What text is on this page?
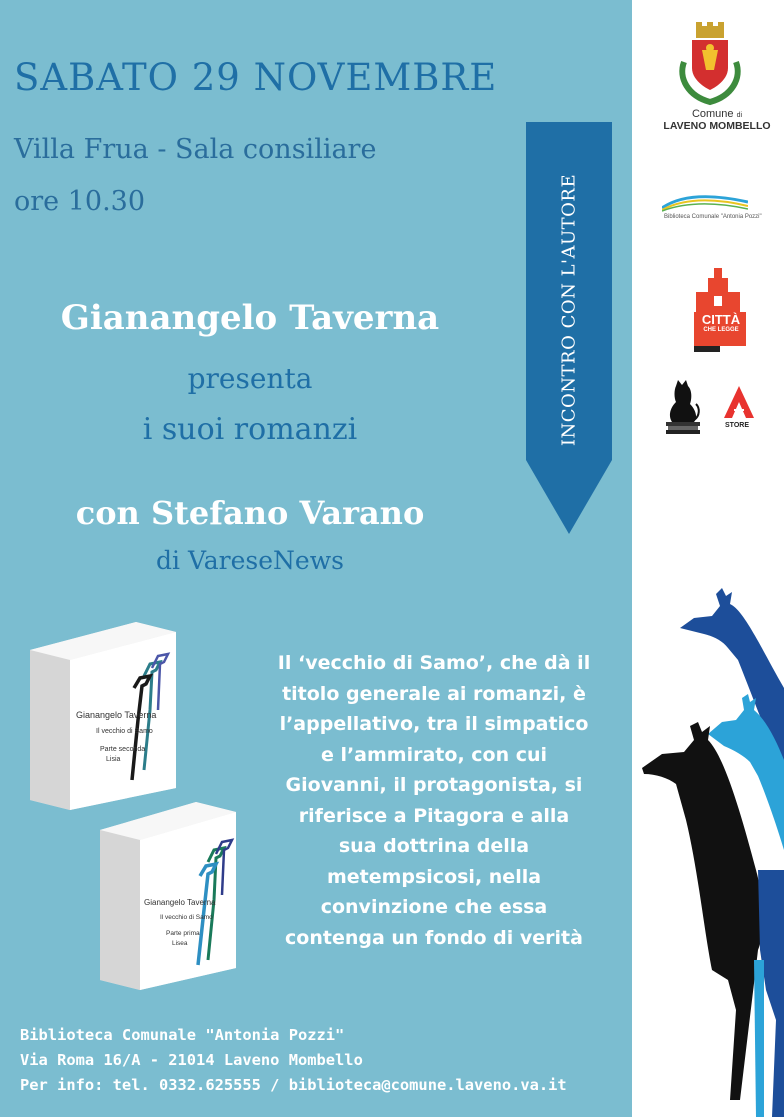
SABATO 29 NOVEMBRE
Villa Frua - Sala consiliare
ore 10.30	INCONTRO CON L'AUTORE
Gianangelo Taverna
presenta
i suoi romanzi
con Stefano Varano
di VareseNews
Gianangelo Taverna
Il vecchio di Samo
Parte seconda
Lisia
Gianangelo Taverna
Il vecchio di Samo
Parte prima
Lisea
Il ‘vecchio di Samo’, che dà il
titolo generale ai romanzi, è
l’appellativo, tra il simpatico
e l’ammirato, con cui
Giovanni, il protagonista, si
riferisce a Pitagora e alla
sua dottrina della
metempsicosi, nella
convinzione che essa
contenga un fondo di verità
Biblioteca Comunale "Antonia Pozzi"
Via Roma 16/A - 21014 Laveno Mombello
Per info: tel. 0332.625555 / biblioteca@comune.laveno.va.it
Comune di
LAVENO MOMBELLO
Biblioteca Comunale "Antonia Pozzi"
CITTÀ
CHE LEGGE
STORE
